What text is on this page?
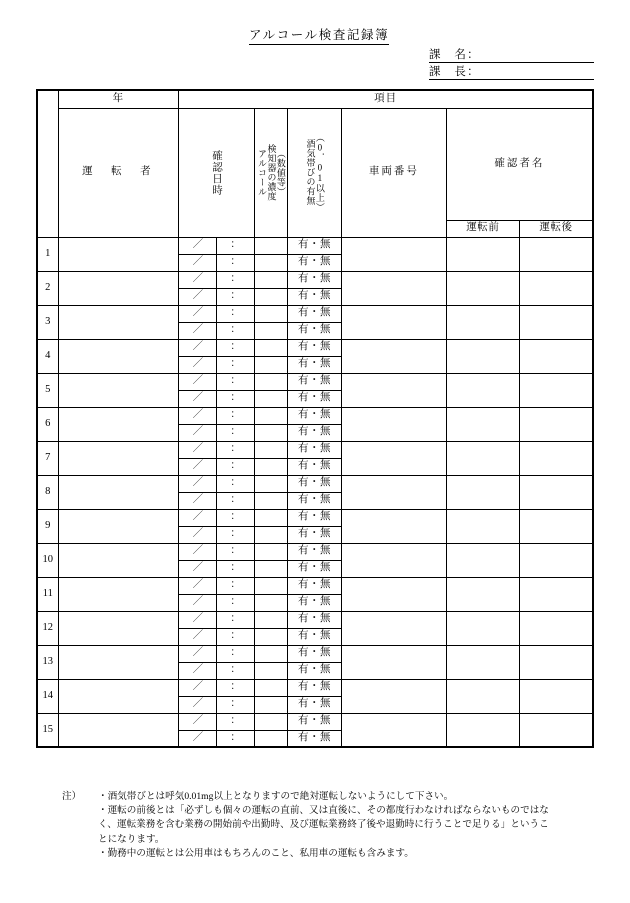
アルコール検査記録簿
課　名：
課　長：
	年	項目						
	運　転　者	確認日時		アルコール 検知器の濃度 （数値等）	酒気帯びの有無 （0．01以上）	車両番号	確認者名	
							運転前	運転後
1		／	：		有・無			
		／	：		有・無			
2		／	：		有・無			
		／	：		有・無			
3		／	：		有・無			
		／	：		有・無			
4		／	：		有・無			
		／	：		有・無			
5		／	：		有・無			
		／	：		有・無			
6		／	：		有・無			
		／	：		有・無			
7		／	：		有・無			
		／	：		有・無			
8		／	：		有・無			
		／	：		有・無			
9		／	：		有・無			
		／	：		有・無			
10		／	：		有・無			
		／	：		有・無			
11		／	：		有・無			
		／	：		有・無			
12		／	：		有・無			
		／	：		有・無			
13		／	：		有・無			
		／	：		有・無			
14		／	：		有・無			
		／	：		有・無			
15		／	：		有・無			
		／	：		有・無			
注）	・酒気帯びとは呼気0.01mg以上となりますので絶対運転しないようにして下さい。
・運転の前後とは「必ずしも個々の運転の直前、又は直後に、その都度行わなければならないものではな
く、運転業務を含む業務の開始前や出勤時、及び運転業務終了後や退勤時に行うことで足りる」というこ
とになります。
・勤務中の運転とは公用車はもちろんのこと、私用車の運転も含みます。
